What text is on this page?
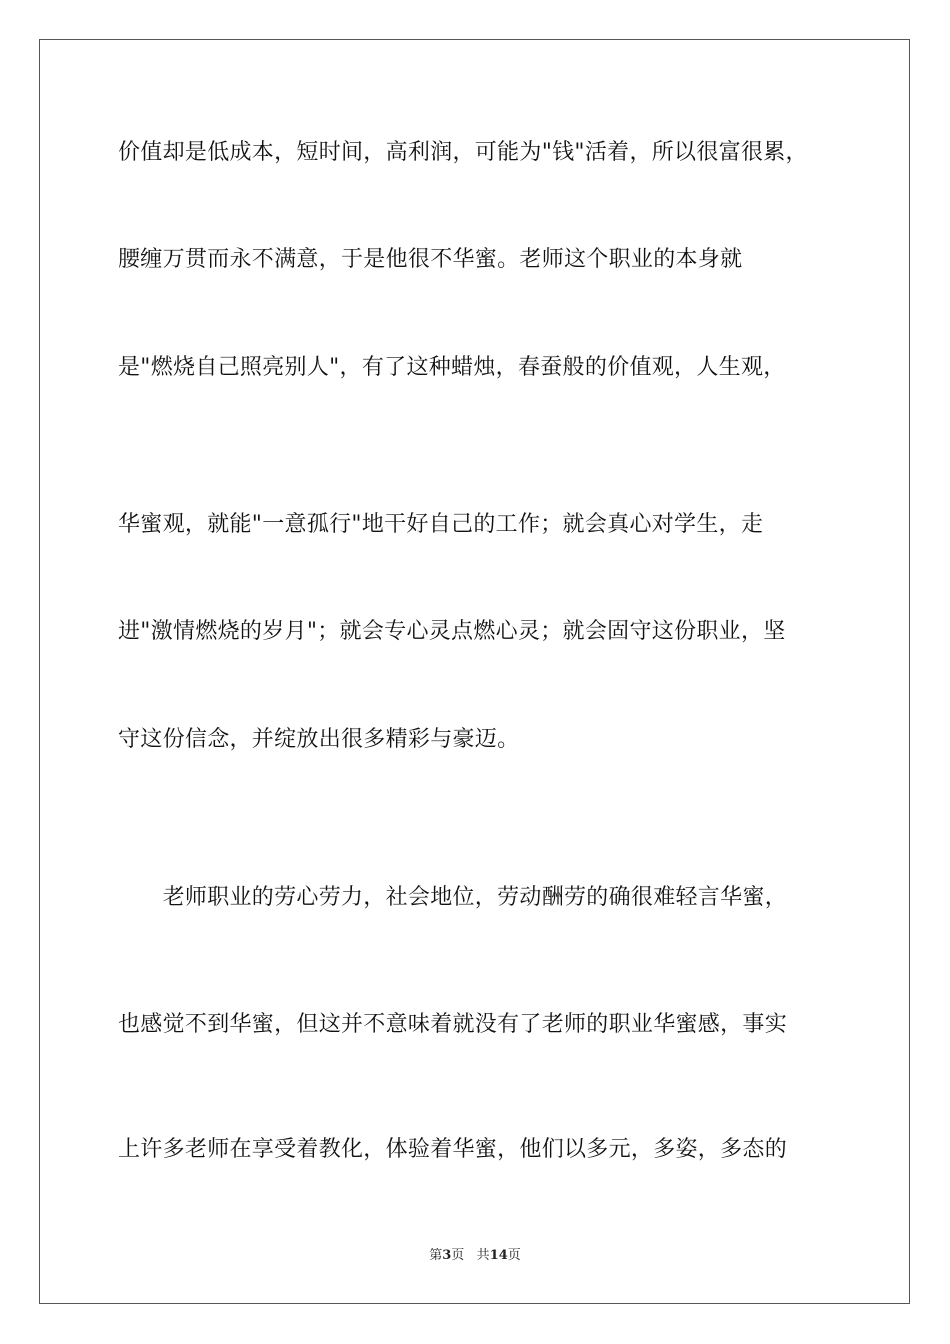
价值却是低成本，短时间，高利润，可能为"钱"活着，所以很富很累，
腰缠万贯而永不满意，于是他很不华蜜。老师这个职业的本身就
是"燃烧自己照亮别人"，有了这种蜡烛，春蚕般的价值观，人生观，
华蜜观，就能"一意孤行"地干好自己的工作；就会真心对学生，走
进"激情燃烧的岁月"；就会专心灵点燃心灵；就会固守这份职业，坚
守这份信念，并绽放出很多精彩与豪迈。
　　老师职业的劳心劳力，社会地位，劳动酬劳的确很难轻言华蜜，
也感觉不到华蜜，但这并不意味着就没有了老师的职业华蜜感，事实
上许多老师在享受着教化，体验着华蜜，他们以多元，多姿，多态的
第3页 共14页
